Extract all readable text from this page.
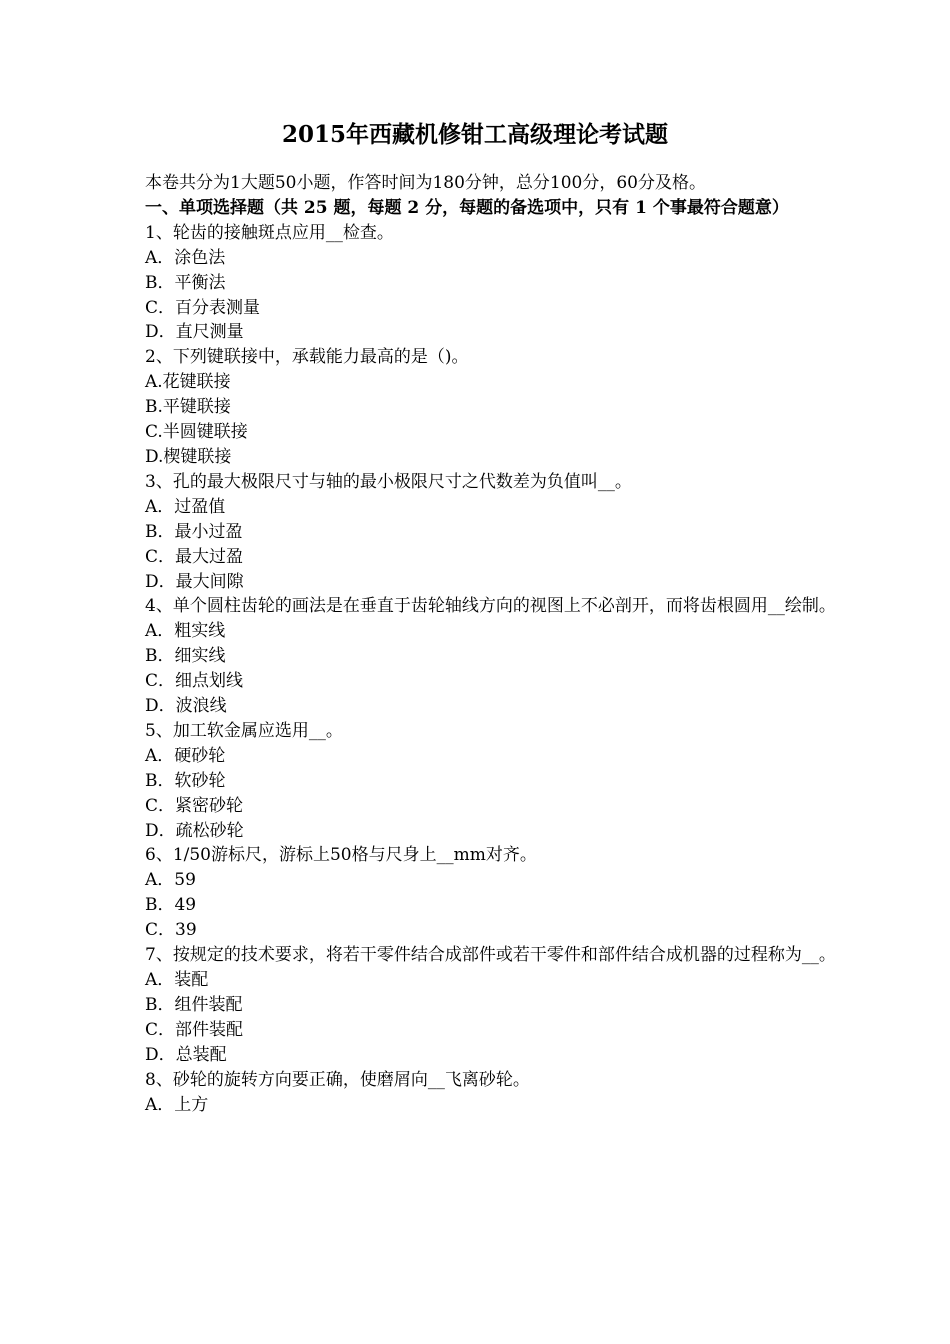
2015年西藏机修钳工高级理论考试题

本卷共分为1大题50小题，作答时间为180分钟，总分100分，60分及格。

一、单项选择题（共 25 题，每题 2 分，每题的备选项中，只有 1 个事最符合题意）

1、轮齿的接触斑点应用__检查。

A．涂色法

B．平衡法

C．百分表测量

D．直尺测量

2、下列键联接中，承载能力最高的是（)。

A.花键联接

B.平键联接

C.半圆键联接

D.楔键联接

3、孔的最大极限尺寸与轴的最小极限尺寸之代数差为负值叫__。

A．过盈值

B．最小过盈

C．最大过盈

D．最大间隙

4、单个圆柱齿轮的画法是在垂直于齿轮轴线方向的视图上不必剖开，而将齿根圆用__绘制。

A．粗实线

B．细实线

C．细点划线

D．波浪线

5、加工软金属应选用__。

A．硬砂轮

B．软砂轮

C．紧密砂轮

D．疏松砂轮

6、1/50游标尺，游标上50格与尺身上__mm对齐。

A．59

B．49

C．39

7、按规定的技术要求，将若干零件结合成部件或若干零件和部件结合成机器的过程称为__。

A．装配

B．组件装配

C．部件装配

D．总装配

8、砂轮的旋转方向要正确，使磨屑向__飞离砂轮。

A．上方
